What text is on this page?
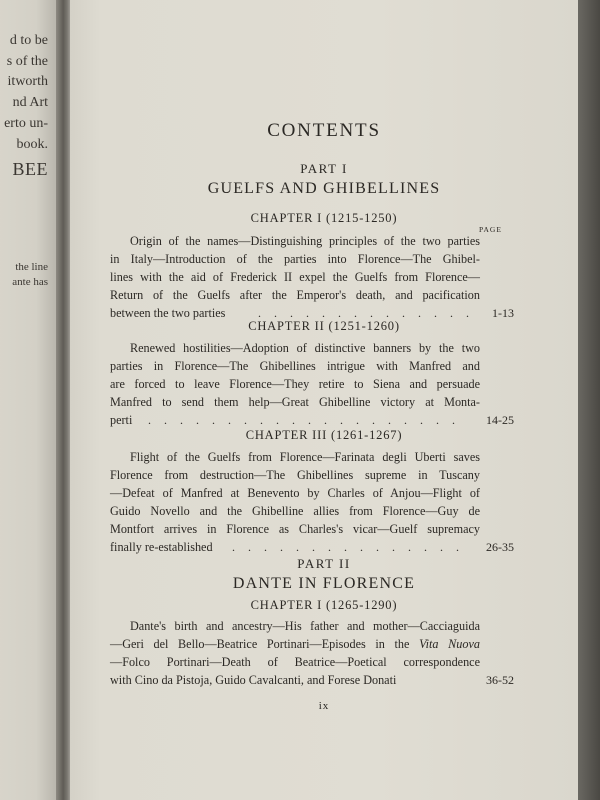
d to be
s of the
itworth
nd Art
erto un-
book.
BEE
the line
ante has
CONTENTS
PART I
GUELFS AND GHIBELLINES
CHAPTER I (1215-1250)
PAGE
Origin of the names—Distinguishing principles of the two parties
in Italy—Introduction of the parties into Florence—The Ghibel-
lines with the aid of Frederick II expel the Guelfs from Florence—
Return of the Guelfs after the Emperor's death, and pacification
between the two parties	.   .   .   .   .   .   .   .   .   .   .   .   .   .	1-13
CHAPTER II (1251-1260)
Renewed hostilities—Adoption of distinctive banners by the two
parties in Florence—The Ghibellines intrigue with Manfred and
are forced to leave Florence—They retire to Siena and persuade
Manfred to send them help—Great Ghibelline victory at Monta-
perti	.   .   .   .   .   .   .   .   .   .   .   .   .   .   .   .   .   .   .   .	14-25
CHAPTER III (1261-1267)
Flight of the Guelfs from Florence—Farinata degli Uberti saves
Florence from destruction—The Ghibellines supreme in Tuscany
—Defeat of Manfred at Benevento by Charles of Anjou—Flight of
Guido Novello and the Ghibelline allies from Florence—Guy de
Montfort arrives in Florence as Charles's vicar—Guelf supremacy
finally re-established	.   .   .   .   .   .   .   .   .   .   .   .   .   .   .	26-35
PART II
DANTE IN FLORENCE
CHAPTER I (1265-1290)
Dante's birth and ancestry—His father and mother—Cacciaguida
—Geri del Bello—Beatrice Portinari—Episodes in the Vita Nuova
—Folco Portinari—Death of Beatrice—Poetical correspondence
with Cino da Pistoja, Guido Cavalcanti, and Forese Donati	36-52
ix
